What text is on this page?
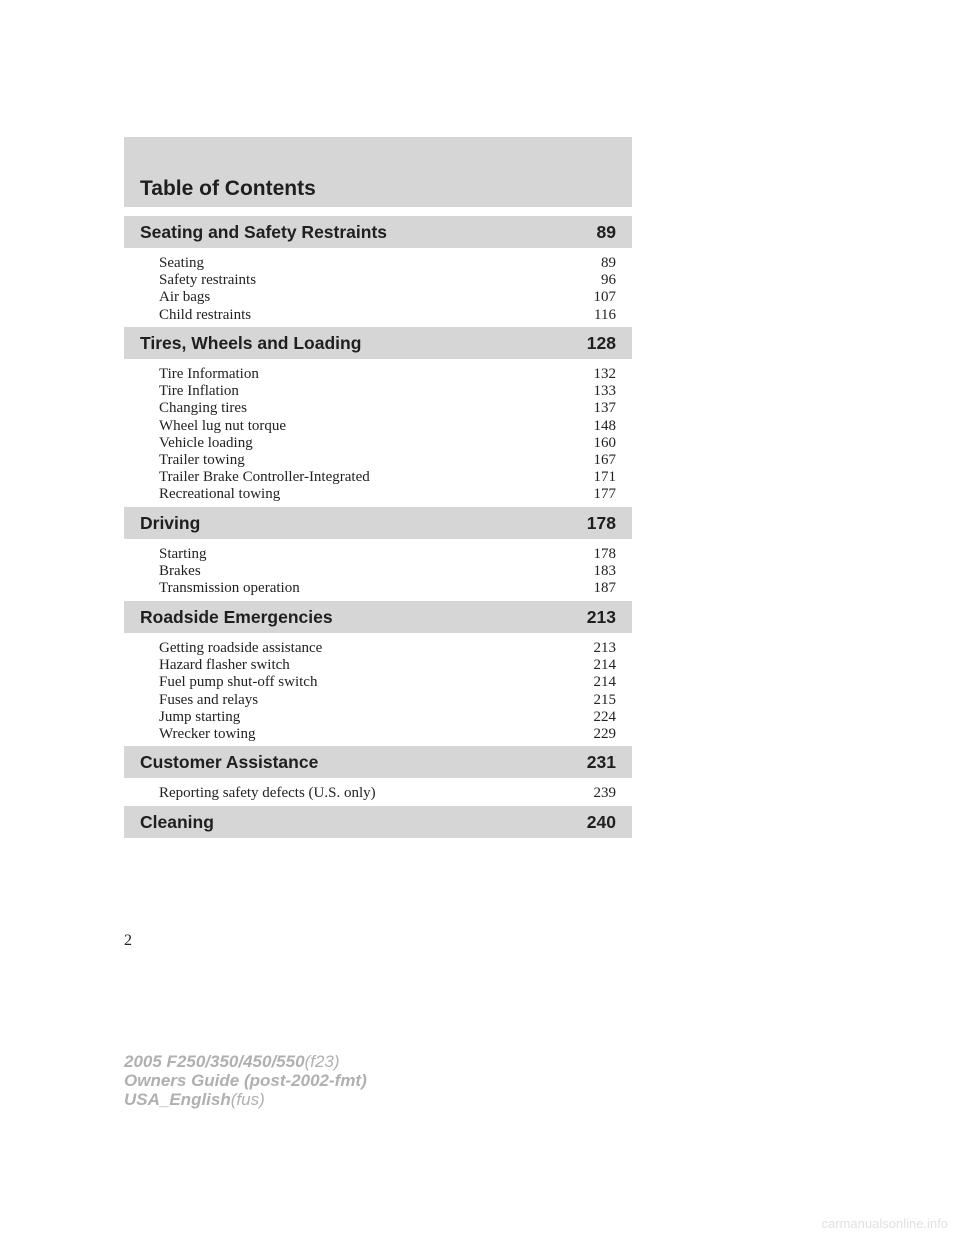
Table of Contents
Seating and Safety Restraints	89
Seating	89
Safety restraints	96
Air bags	107
Child restraints	116
Tires, Wheels and Loading	128
Tire Information	132
Tire Inflation	133
Changing tires	137
Wheel lug nut torque	148
Vehicle loading	160
Trailer towing	167
Trailer Brake Controller-Integrated	171
Recreational towing	177
Driving	178
Starting	178
Brakes	183
Transmission operation	187
Roadside Emergencies	213
Getting roadside assistance	213
Hazard flasher switch	214
Fuel pump shut-off switch	214
Fuses and relays	215
Jump starting	224
Wrecker towing	229
Customer Assistance	231
Reporting safety defects (U.S. only)	239
Cleaning	240
2
2005 F250/350/450/550(f23)
Owners Guide (post-2002-fmt)
USA_English(fus)
carmanualsonline.info
